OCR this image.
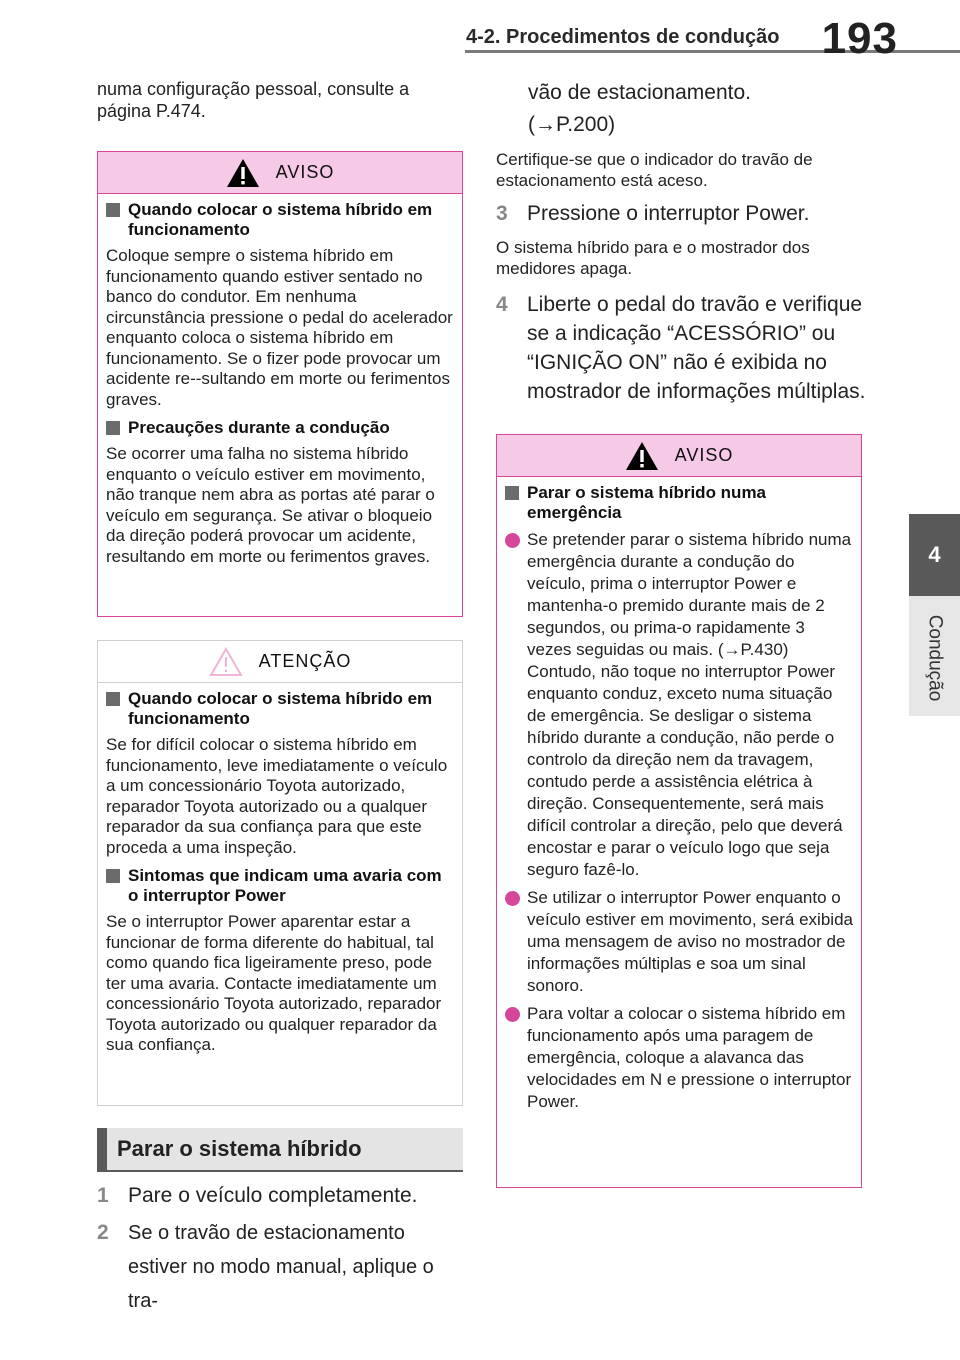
4-2. Procedimentos de condução 193
4
Condução
numa configuração pessoal, consulte a página P.474.
AVISO
Quando colocar o sistema híbrido em funcionamento
Coloque sempre o sistema híbrido em funcionamento quando estiver sentado no banco do condutor. Em nenhuma circunstância pressione o pedal do acelerador enquanto coloca o sistema híbrido em funcionamento. Se o fizer pode provocar um acidente re--sultando em morte ou ferimentos graves.
Precauções durante a condução
Se ocorrer uma falha no sistema híbrido enquanto o veículo estiver em movimento, não tranque nem abra as portas até parar o veículo em segurança. Se ativar o bloqueio da direção poderá provocar um acidente, resultando em morte ou ferimentos graves.
ATENÇÃO
Quando colocar o sistema híbrido em funcionamento
Se for difícil colocar o sistema híbrido em funcionamento, leve imediatamente o veículo a um concessionário Toyota autorizado, reparador Toyota autorizado ou a qualquer reparador da sua confiança para que este proceda a uma inspeção.
Sintomas que indicam uma avaria com o interruptor Power
Se o interruptor Power aparentar estar a funcionar de forma diferente do habitual, tal como quando fica ligeiramente preso, pode ter uma avaria. Contacte imediatamente um concessionário Toyota autorizado, reparador Toyota autorizado ou qualquer reparador da sua confiança.
Parar o sistema híbrido
1 Pare o veículo completamente.
2 Se o travão de estacionamento estiver no modo manual, aplique o tra-
vão de estacionamento.
(→P.200)
Certifique-se que o indicador do travão de estacionamento está aceso.
3 Pressione o interruptor Power.
O sistema híbrido para e o mostrador dos medidores apaga.
4 Liberte o pedal do travão e verifique se a indicação “ACESSÓRIO” ou “IGNIÇÃO ON” não é exibida no mostrador de informações múltiplas.
AVISO
Parar o sistema híbrido numa emergência
Se pretender parar o sistema híbrido numa emergência durante a condução do veículo, prima o interruptor Power e mantenha-o premido durante mais de 2 segundos, ou prima-o rapidamente 3 vezes seguidas ou mais. (→P.430) Contudo, não toque no interruptor Power enquanto conduz, exceto numa situação de emergência. Se desligar o sistema híbrido durante a condução, não perde o controlo da direção nem da travagem, contudo perde a assistência elétrica à direção. Consequentemente, será mais difícil controlar a direção, pelo que deverá encostar e parar o veículo logo que seja seguro fazê-lo.
Se utilizar o interruptor Power enquanto o veículo estiver em movimento, será exibida uma mensagem de aviso no mostrador de informações múltiplas e soa um sinal sonoro.
Para voltar a colocar o sistema híbrido em funcionamento após uma paragem de emergência, coloque a alavanca das velocidades em N e pressione o interruptor Power.
